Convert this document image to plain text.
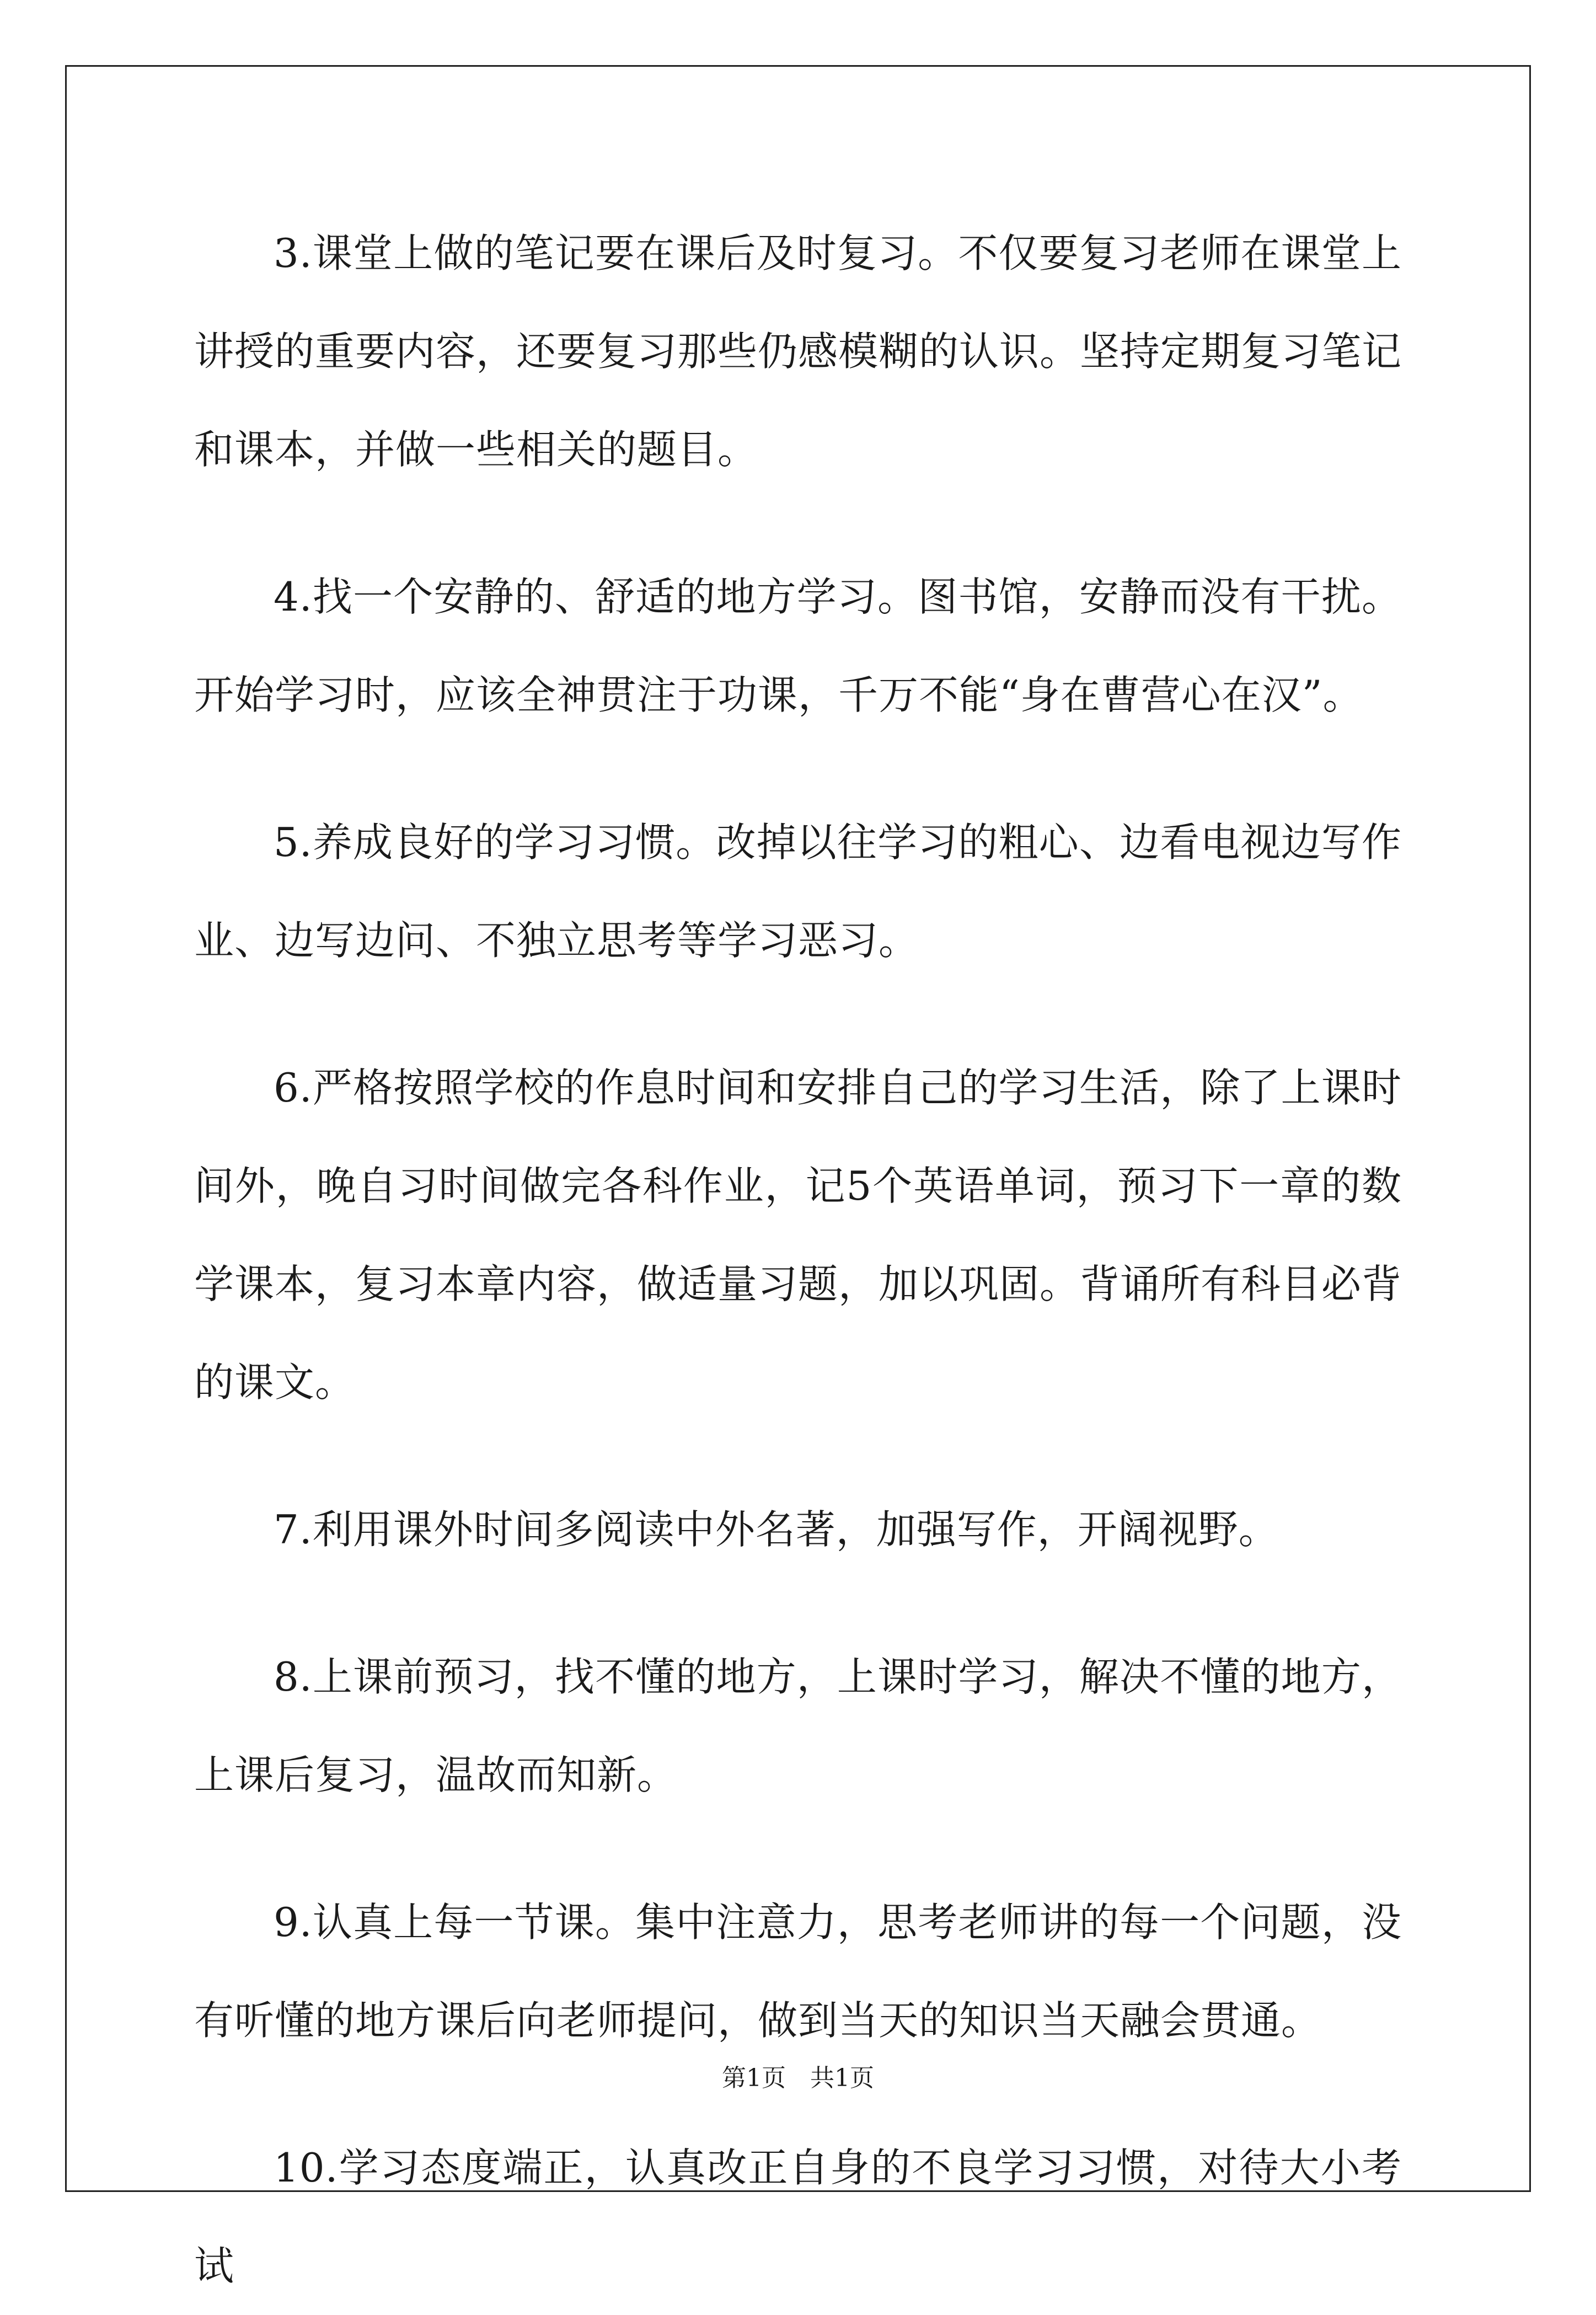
3.课堂上做的笔记要在课后及时复习。不仅要复习老师在课堂上讲授的重要内容，还要复习那些仍感模糊的认识。坚持定期复习笔记和课本，并做一些相关的题目。

4.找一个安静的、舒适的地方学习。图书馆，安静而没有干扰。开始学习时，应该全神贯注于功课，千万不能“身在曹营心在汉”。

5.养成良好的学习习惯。改掉以往学习的粗心、边看电视边写作业、边写边问、不独立思考等学习恶习。

6.严格按照学校的作息时间和安排自己的学习生活，除了上课时间外，晚自习时间做完各科作业，记5个英语单词，预习下一章的数学课本，复习本章内容，做适量习题，加以巩固。背诵所有科目必背的课文。

7.利用课外时间多阅读中外名著，加强写作，开阔视野。

8.上课前预习，找不懂的地方，上课时学习，解决不懂的地方，上课后复习，温故而知新。

9.认真上每一节课。集中注意力，思考老师讲的每一个问题，没有听懂的地方课后向老师提问，做到当天的知识当天融会贯通。

10.学习态度端正，认真改正自身的不良学习习惯，对待大小考试

第1页　共1页
